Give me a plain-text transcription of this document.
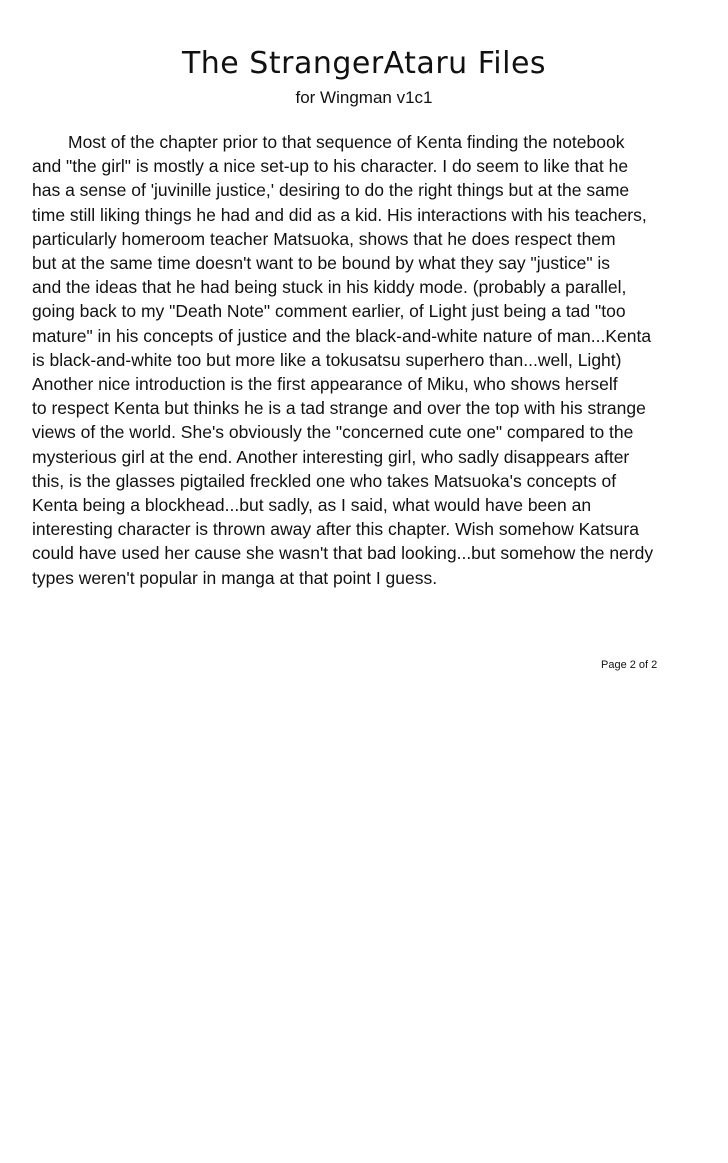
The StrangerAtaru Files
for Wingman v1c1
Most of the chapter prior to that sequence of Kenta finding the notebook
and "the girl" is mostly a nice set-up to his character. I do seem to like that he
has a sense of 'juvinille justice,' desiring to do the right things but at the same
time still liking things he had and did as a kid. His interactions with his teachers,
particularly homeroom teacher Matsuoka, shows that he does respect them
but at the same time doesn't want to be bound by what they say "justice" is
and the ideas that he had being stuck in his kiddy mode. (probably a parallel,
going back to my "Death Note" comment earlier, of Light just being a tad "too
mature" in his concepts of justice and the black-and-white nature of man...Kenta
is black-and-white too but more like a tokusatsu superhero than...well, Light)
Another nice introduction is the first appearance of Miku, who shows herself
to respect Kenta but thinks he is a tad strange and over the top with his strange
views of the world. She's obviously the "concerned cute one" compared to the
mysterious girl at the end. Another interesting girl, who sadly disappears after
this, is the glasses pigtailed freckled one who takes Matsuoka's concepts of
Kenta being a blockhead...but sadly, as I said, what would have been an
interesting character is thrown away after this chapter. Wish somehow Katsura
could have used her cause she wasn't that bad looking...but somehow the nerdy
types weren't popular in manga at that point I guess.
Page 2 of 2
